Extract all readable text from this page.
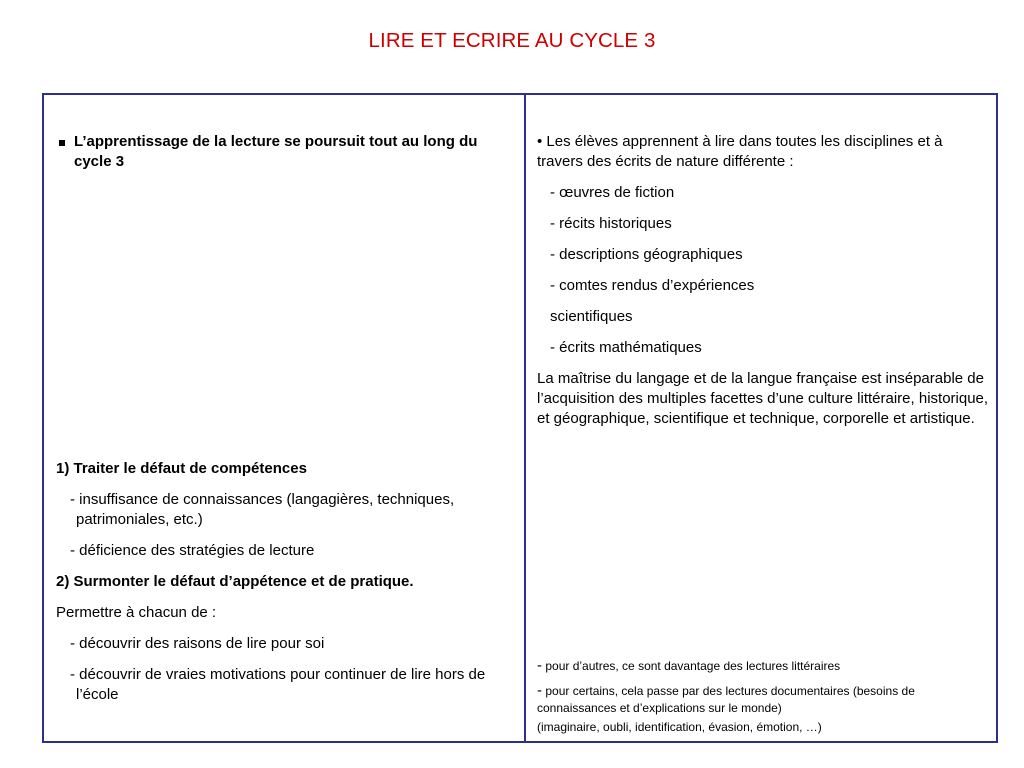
LIRE ET ECRIRE AU CYCLE 3
L’apprentissage de la lecture se poursuit tout au long du cycle 3
1) Traiter le défaut de compétences
- insuffisance de connaissances (langagières, techniques, patrimoniales, etc.)
- déficience des stratégies de lecture
2) Surmonter le défaut d’appétence et de pratique.
Permettre à chacun de :
- découvrir des raisons de lire pour soi
- découvrir de vraies motivations pour continuer de lire hors de l’école
• Les élèves apprennent à lire dans toutes les disciplines et à travers des écrits de nature différente :
- œuvres de fiction
- récits historiques
- descriptions géographiques
- comtes rendus d’expériences
scientifiques
- écrits mathématiques
La maîtrise du langage et de la langue française est inséparable de l’acquisition des multiples facettes d’une culture littéraire, historique, et géographique, scientifique et technique, corporelle et artistique.
- pour d’autres, ce sont davantage des lectures littéraires
- pour certains, cela passe par des lectures documentaires (besoins de connaissances et d’explications sur le monde)
(imaginaire, oubli, identification, évasion, émotion, …)
